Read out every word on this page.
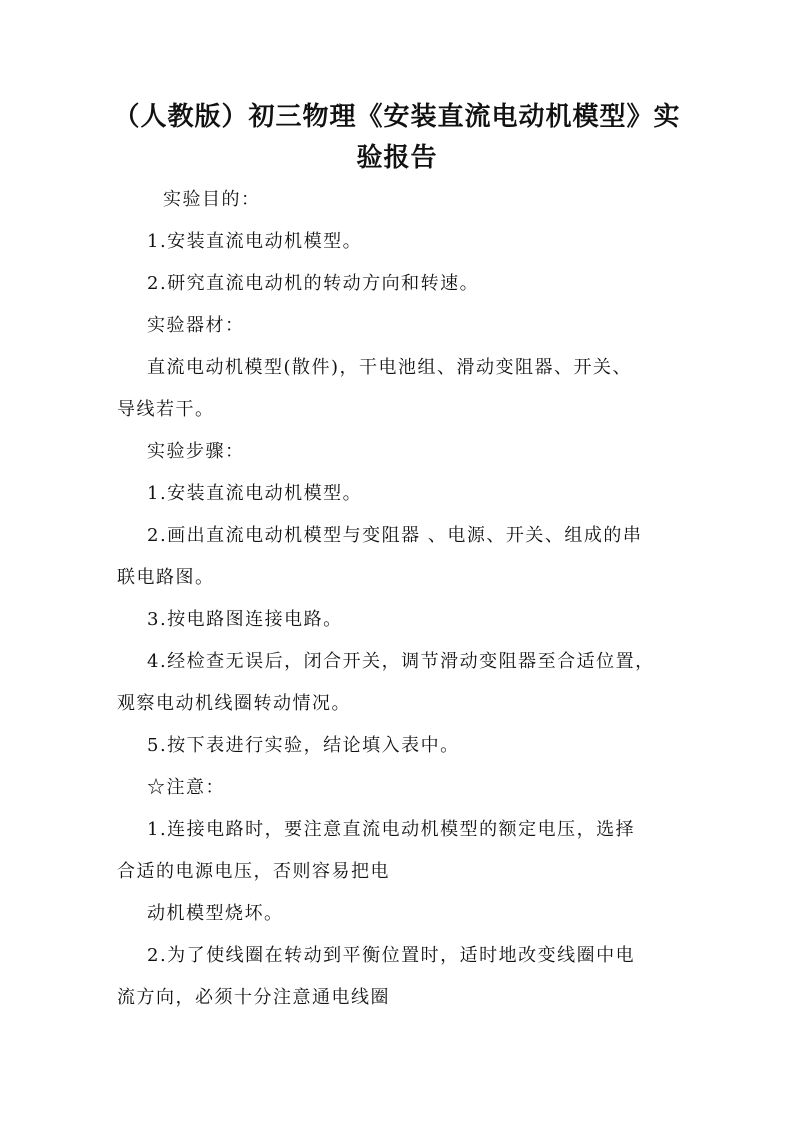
（人教版）初三物理《安装直流电动机模型》实
验报告

实验目的：

1.安装直流电动机模型。

2.研究直流电动机的转动方向和转速。

实验器材：

直流电动机模型(散件)，干电池组、滑动变阻器、开关、

导线若干。

实验步骤：

1.安装直流电动机模型。

2.画出直流电动机模型与变阻器 、电源、开关、组成的串

联电路图。

3.按电路图连接电路。

4.经检查无误后，闭合开关，调节滑动变阻器至合适位置，

观察电动机线圈转动情况。

5.按下表进行实验，结论填入表中。

☆注意：

1.连接电路时，要注意直流电动机模型的额定电压，选择

合适的电源电压，否则容易把电

动机模型烧坏。

2.为了使线圈在转动到平衡位置时，适时地改变线圈中电

流方向，必须十分注意通电线圈
